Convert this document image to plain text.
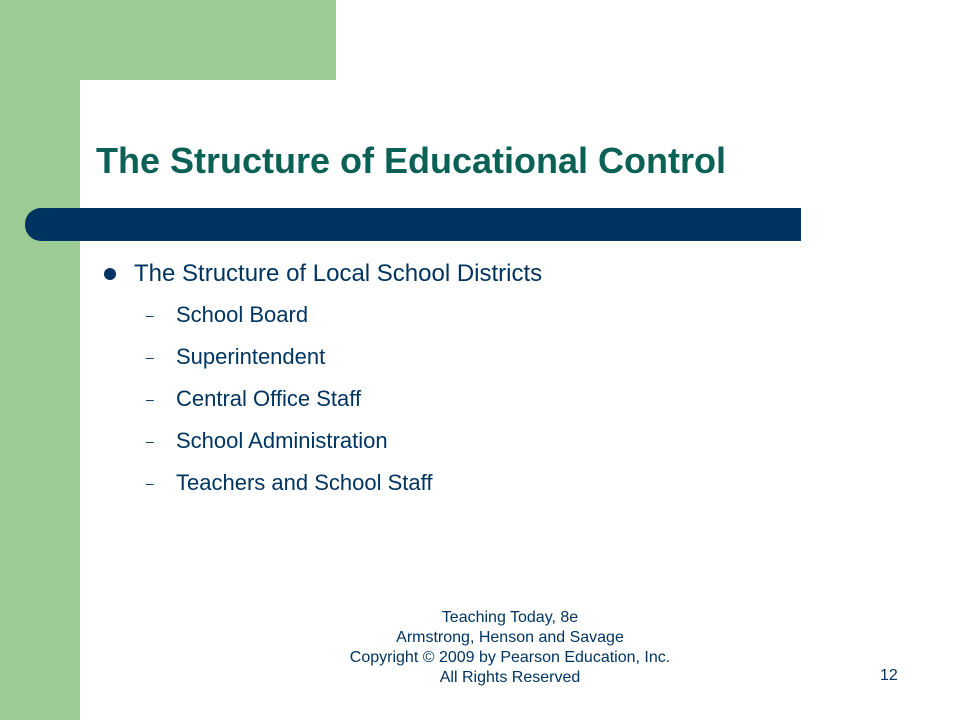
The Structure of Educational Control
The Structure of Local School Districts
–	School Board
–	Superintendent
–	Central Office Staff
–	School Administration
–	Teachers and School Staff
Teaching Today, 8e
Armstrong, Henson and Savage
Copyright © 2009 by Pearson Education, Inc.
All Rights Reserved	12
